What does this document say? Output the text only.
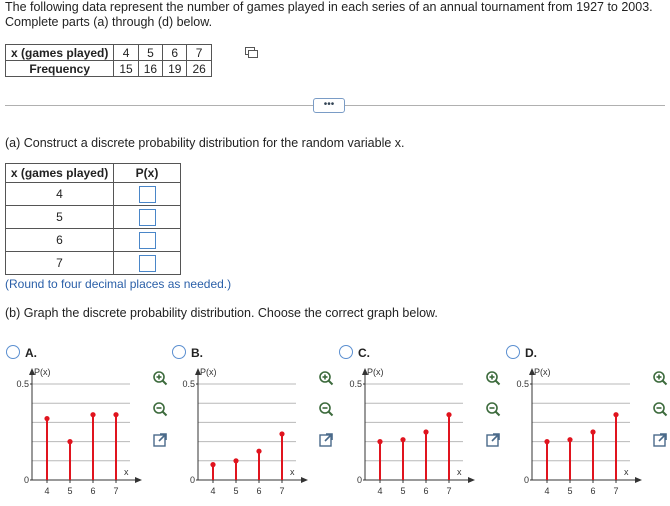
The following data represent the number of games played in each series of an annual tournament from 1927 to 2003. Complete parts (a) through (d) below.
x (games played)	4	5	6	7
Frequency	15	16	19	26
•••
(a) Construct a discrete probability distribution for the random variable x.
x (games played)	P(x)
4	
5	
6	
7	
(Round to four decimal places as needed.)
(b) Graph the discrete probability distribution. Choose the correct graph below.
A.
P(x)
x
0.5
0
4 5 6 7
B.
P(x)
x
0.5
0
4 5 6 7
C.
P(x)
x
0.5
0
4 5 6 7
D.
P(x)
x
0.5
0
4 5 6 7
